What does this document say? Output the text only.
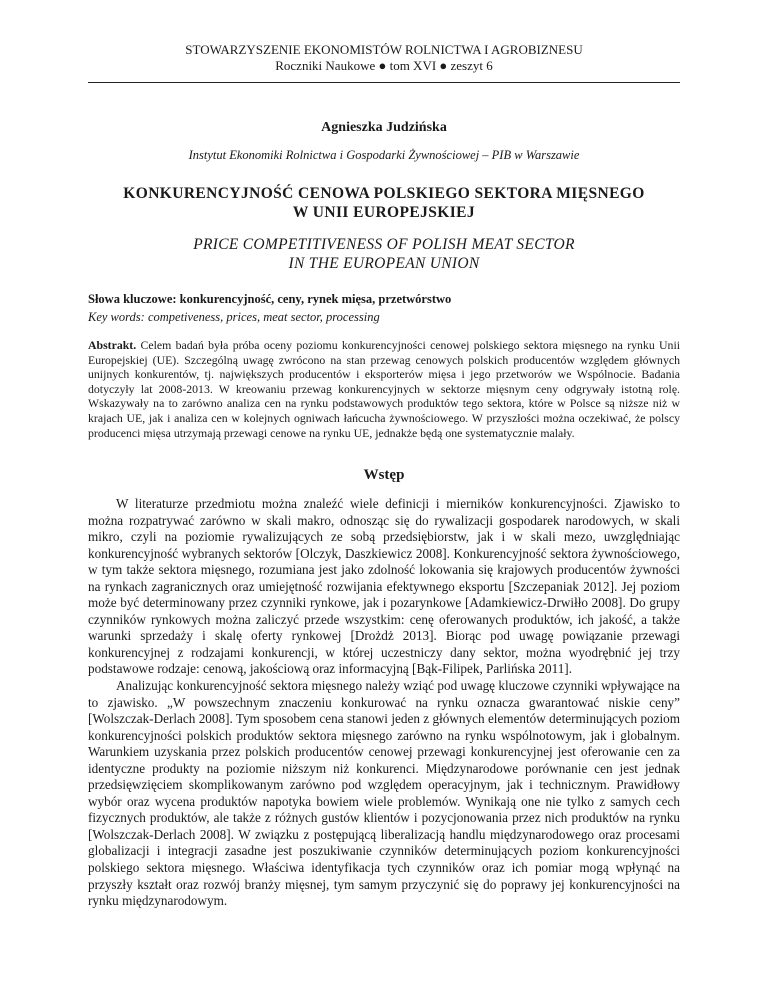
STOWARZYSZENIE EKONOMISTÓW ROLNICTWA I AGROBIZNESU
Roczniki Naukowe ● tom XVI ● zeszyt 6
Agnieszka Judzińska
Instytut Ekonomiki Rolnictwa i Gospodarki Żywnościowej – PIB w Warszawie
KONKURENCYJNOŚĆ CENOWA POLSKIEGO SEKTORA MIĘSNEGO
W UNII EUROPEJSKIEJ
PRICE COMPETITIVENESS OF POLISH MEAT SECTOR
IN THE EUROPEAN UNION
Słowa kluczowe: konkurencyjność, ceny, rynek mięsa, przetwórstwo
Key words: competiveness, prices, meat sector, processing
Abstrakt. Celem badań była próba oceny poziomu konkurencyjności cenowej polskiego sektora mięsnego na rynku Unii Europejskiej (UE). Szczególną uwagę zwrócono na stan przewag cenowych polskich producentów względem głównych unijnych konkurentów, tj. największych producentów i eksporterów mięsa i jego przetworów we Wspólnocie. Badania dotyczyły lat 2008-2013. W kreowaniu przewag konkurencyjnych w sektorze mięsnym ceny odgrywały istotną rolę. Wskazywały na to zarówno analiza cen na rynku podstawowych produktów tego sektora, które w Polsce są niższe niż w krajach UE, jak i analiza cen w kolejnych ogniwach łańcucha żywnościowego. W przyszłości można oczekiwać, że polscy producenci mięsa utrzymają przewagi cenowe na rynku UE, jednakże będą one systematycznie malały.
Wstęp

W literaturze przedmiotu można znaleźć wiele definicji i mierników konkurencyjności. Zjawisko to można rozpatrywać zarówno w skali makro, odnosząc się do rywalizacji gospodarek narodowych, w skali mikro, czyli na poziomie rywalizujących ze sobą przedsiębiorstw, jak i w skali mezo, uwzględniając konkurencyjność wybranych sektorów [Olczyk, Daszkiewicz 2008]. Konkurencyjność sektora żywnościowego, w tym także sektora mięsnego, rozumiana jest jako zdolność lokowania się krajowych producentów żywności na rynkach zagranicznych oraz umiejętność rozwijania efektywnego eksportu [Szczepaniak 2012]. Jej poziom może być determinowany przez czynniki rynkowe, jak i pozarynkowe [Adamkiewicz-Drwiłło 2008]. Do grupy czynników rynkowych można zaliczyć przede wszystkim: cenę oferowanych produktów, ich jakość, a także warunki sprzedaży i skalę oferty rynkowej [Drożdż 2013]. Biorąc pod uwagę powiązanie przewagi konkurencyjnej z rodzajami konkurencji, w której uczestniczy dany sektor, można wyodrębnić jej trzy podstawowe rodzaje: cenową, jakościową oraz informacyjną [Bąk-Filipek, Parlińska 2011].

Analizując konkurencyjność sektora mięsnego należy wziąć pod uwagę kluczowe czynniki wpływające na to zjawisko. „W powszechnym znaczeniu konkurować na rynku oznacza gwarantować niskie ceny” [Wolszczak-Derlach 2008]. Tym sposobem cena stanowi jeden z głównych elementów determinujących poziom konkurencyjności polskich produktów sektora mięsnego zarówno na rynku wspólnotowym, jak i globalnym. Warunkiem uzyskania przez polskich producentów cenowej przewagi konkurencyjnej jest oferowanie cen za identyczne produkty na poziomie niższym niż konkurenci. Międzynarodowe porównanie cen jest jednak przedsięwzięciem skomplikowanym zarówno pod względem operacyjnym, jak i technicznym. Prawidłowy wybór oraz wycena produktów napotyka bowiem wiele problemów. Wynikają one nie tylko z samych cech fizycznych produktów, ale także z różnych gustów klientów i pozycjonowania przez nich produktów na rynku [Wolszczak-Derlach 2008]. W związku z postępującą liberalizacją handlu międzynarodowego oraz procesami globalizacji i integracji zasadne jest poszukiwanie czynników determinujących poziom konkurencyjności polskiego sektora mięsnego. Właściwa identyfikacja tych czynników oraz ich pomiar mogą wpłynąć na przyszły kształt oraz rozwój branży mięsnej, tym samym przyczynić się do poprawy jej konkurencyjności na rynku międzynarodowym.
